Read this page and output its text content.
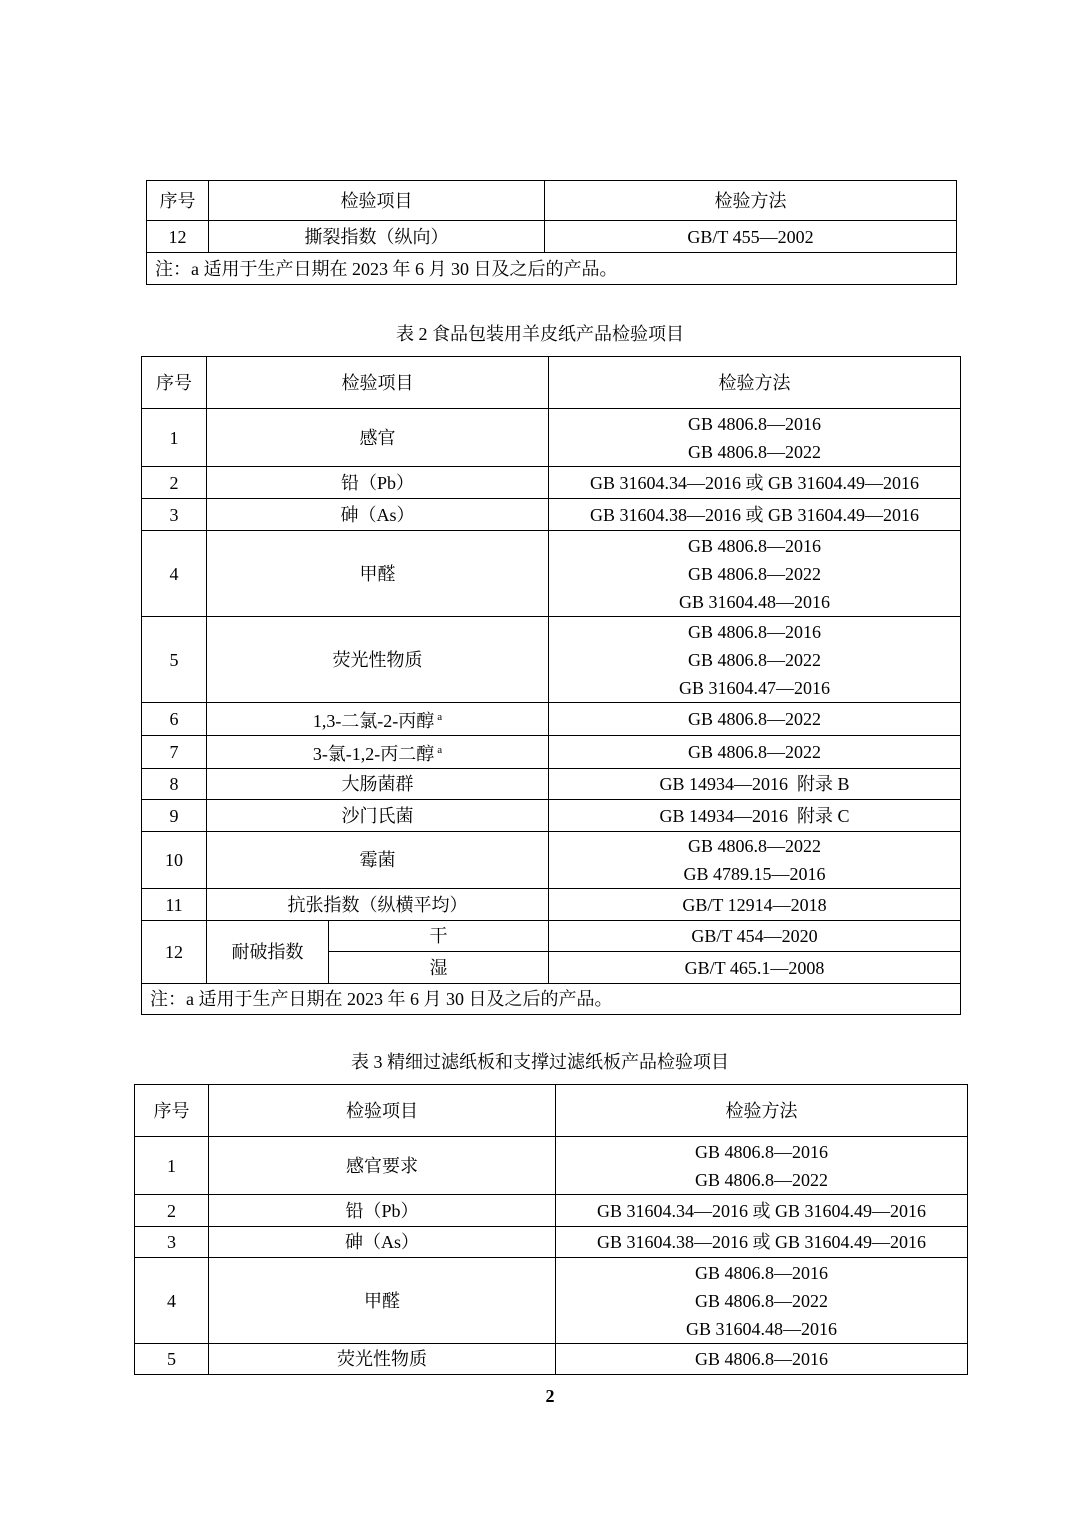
序号	检验项目	检验方法
12	撕裂指数（纵向）	GB/T 455—2002
注：a 适用于生产日期在 2023 年 6 月 30 日及之后的产品。		
表 2 食品包装用羊皮纸产品检验项目
序号	检验项目		检验方法
1	感官		GB 4806.8—2016
GB 4806.8—2022

2	铅（Pb）		GB 31604.34—2016 或 GB 31604.49—2016
3	砷（As）		GB 31604.38—2016 或 GB 31604.49—2016
4	甲醛		GB 4806.8—2016
GB 4806.8—2022
GB 31604.48—2016

5	荧光性物质		GB 4806.8—2016
GB 4806.8—2022
GB 31604.47—2016

6	1,3-二氯-2-丙醇 $^a$		GB 4806.8—2022
7	3-氯-1,2-丙二醇 $^a$		GB 4806.8—2022
8	大肠菌群		GB 14934—2016  附录 B
9	沙门氏菌		GB 14934—2016  附录 C
10	霉菌		GB 4806.8—2022
GB 4789.15—2016

11	抗张指数（纵横平均）		GB/T 12914—2018
12	耐破指数	干	GB/T 454—2020
		湿	GB/T 465.1—2008
注：a 适用于生产日期在 2023 年 6 月 30 日及之后的产品。			
表 3 精细过滤纸板和支撑过滤纸板产品检验项目
序号	检验项目	检验方法
1	感官要求	GB 4806.8—2016
GB 4806.8—2022

2	铅（Pb）	GB 31604.34—2016 或 GB 31604.49—2016
3	砷（As）	GB 31604.38—2016 或 GB 31604.49—2016
4	甲醛	GB 4806.8—2016
GB 4806.8—2022
GB 31604.48—2016

5	荧光性物质	GB 4806.8—2016
2
